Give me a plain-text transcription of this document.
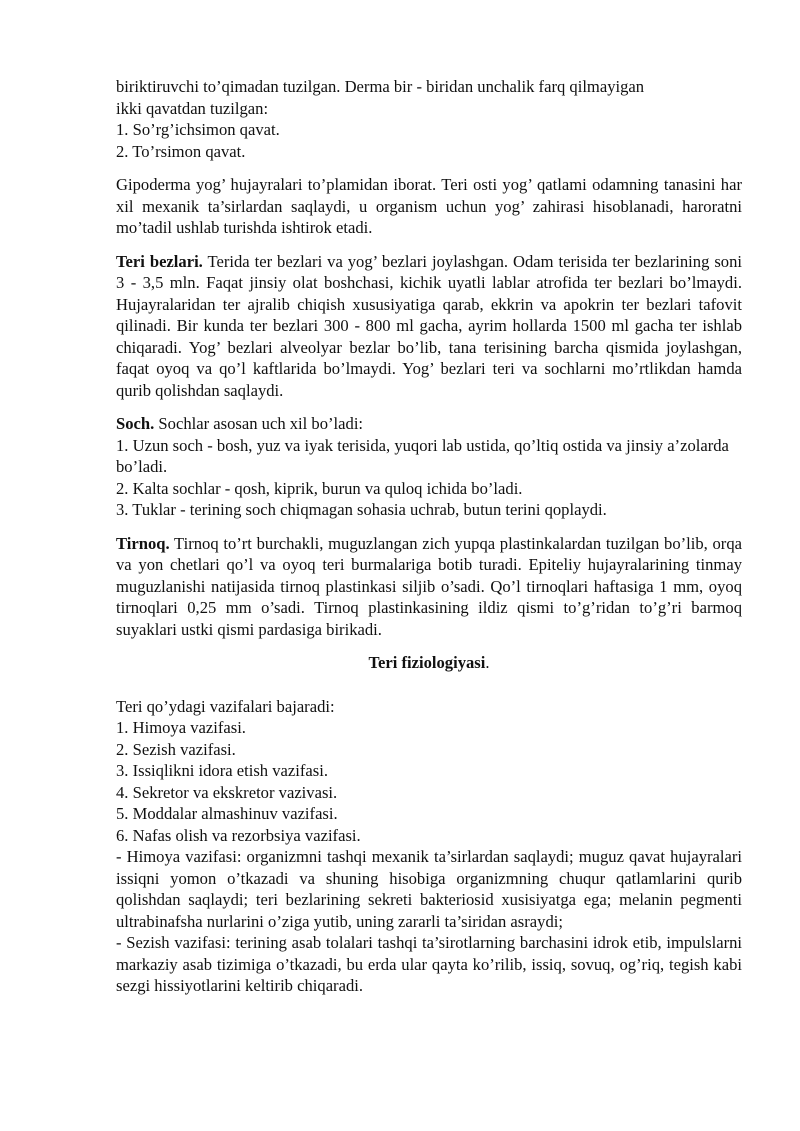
biriktiruvchi to’qimadan tuzilgan. Derma bir - biridan unchalik farq qilmayigan
ikki qavatdan tuzilgan:
1. So’rg’ichsimon qavat.
2. To’rsimon qavat.

Gipoderma yog’ hujayralari to’plamidan iborat. Teri osti yog’ qatlami odamning tanasini har xil mexanik ta’sirlardan saqlaydi, u organism uchun yog’ zahirasi hisoblanadi, haroratni mo’tadil ushlab turishda ishtirok etadi.

Teri bezlari. Terida ter bezlari va yog’ bezlari joylashgan. Odam terisida ter bezlarining soni 3 - 3,5 mln. Faqat jinsiy olat boshchasi, kichik uyatli lablar atrofida ter bezlari bo’lmaydi. Hujayralaridan ter ajralib chiqish xususiyatiga qarab, ekkrin va apokrin ter bezlari tafovit qilinadi. Bir kunda ter bezlari 300 - 800 ml gacha, ayrim hollarda 1500 ml gacha ter ishlab chiqaradi. Yog’ bezlari alveolyar bezlar bo’lib, tana terisining barcha qismida joylashgan, faqat oyoq va qo’l kaftlarida bo’lmaydi. Yog’ bezlari teri va sochlarni mo’rtlikdan hamda qurib qolishdan saqlaydi.

Soch. Sochlar asosan uch xil bo’ladi:

1. Uzun soch - bosh, yuz va iyak terisida, yuqori lab ustida, qo’ltiq ostida va jinsiy a’zolarda bo’ladi.

2. Kalta sochlar - qosh, kiprik, burun va quloq ichida bo’ladi.

3. Tuklar - terining soch chiqmagan sohasia uchrab, butun terini qoplaydi.

Tirnoq. Tirnoq to’rt burchakli, muguzlangan zich yupqa plastinkalardan tuzilgan bo’lib, orqa va yon chetlari qo’l va oyoq teri burmalariga botib turadi. Epiteliy hujayralarining tinmay muguzlanishi natijasida tirnoq plastinkasi siljib o’sadi. Qo’l tirnoqlari haftasiga 1 mm, oyoq tirnoqlari 0,25 mm o’sadi. Tirnoq plastinkasining ildiz qismi to’g’ridan to’g’ri barmoq suyaklari ustki qismi pardasiga birikadi.

Teri fiziologiyasi.

Teri qo’ydagi vazifalari bajaradi:

1. Himoya vazifasi.

2. Sezish vazifasi.

3. Issiqlikni idora etish vazifasi.

4. Sekretor va ekskretor vazivasi.

5. Moddalar almashinuv vazifasi.

6. Nafas olish va rezorbsiya vazifasi.

- Himoya vazifasi: organizmni tashqi mexanik ta’sirlardan saqlaydi; muguz qavat hujayralari issiqni yomon o’tkazadi va shuning hisobiga organizmning chuqur qatlamlarini qurib qolishdan saqlaydi; teri bezlarining sekreti bakteriosid xusisiyatga ega; melanin pegmenti ultrabinafsha nurlarini o’ziga yutib, uning zararli ta’siridan asraydi;

- Sezish vazifasi: terining asab tolalari tashqi ta’sirotlarning barchasini idrok etib, impulslarni markaziy asab tizimiga o’tkazadi, bu erda ular qayta ko’rilib, issiq, sovuq, og’riq, tegish kabi sezgi hissiyotlarini keltirib chiqaradi.
